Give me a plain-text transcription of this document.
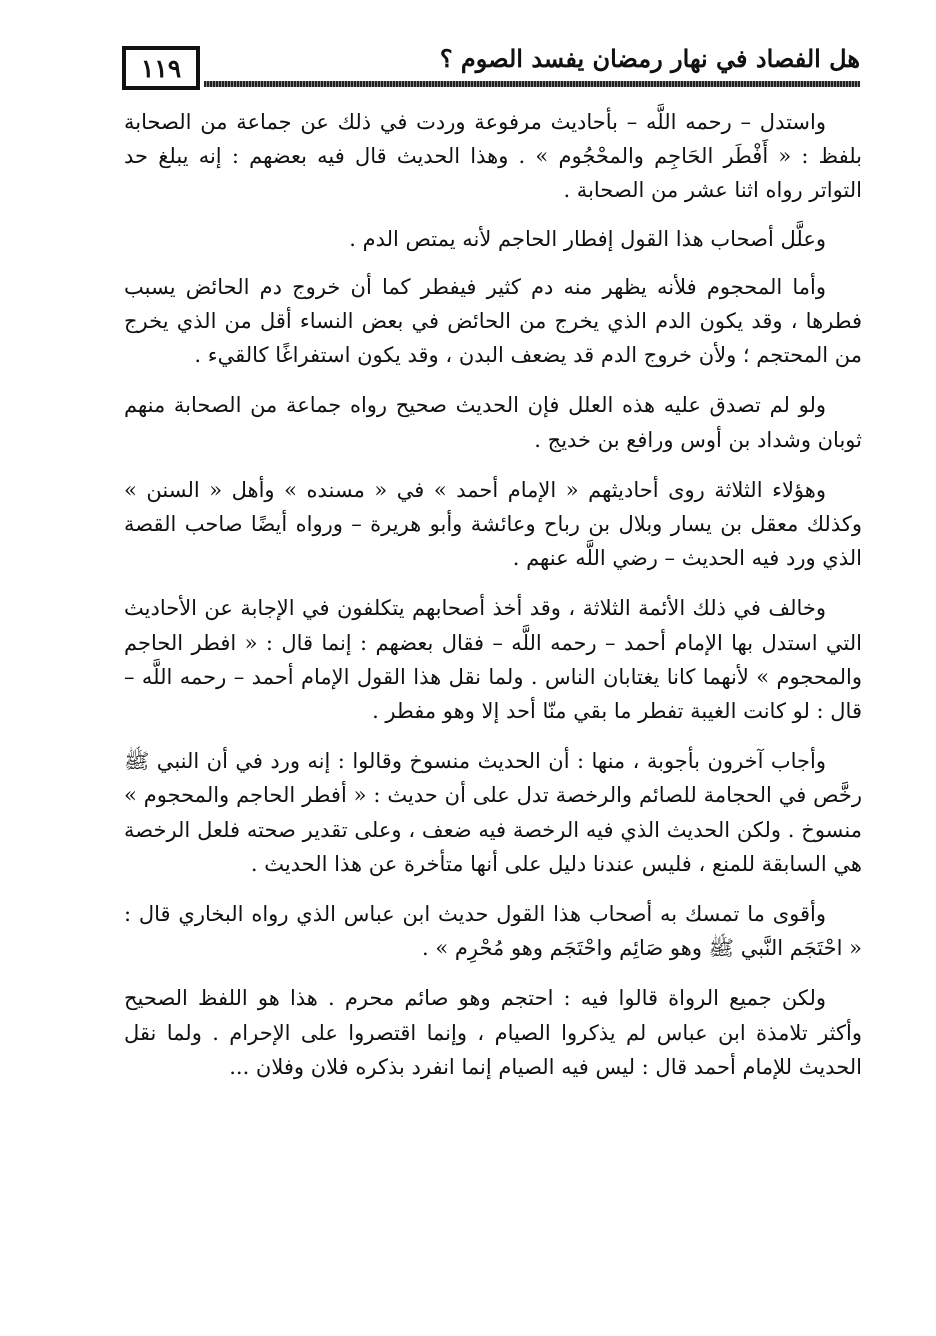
١١٩	هل الفصاد في نهار رمضان يفسد الصوم ؟

واستدل – رحمه اللَّه – بأحاديث مرفوعة وردت في ذلك عن جماعة من الصحابة بلفظ : « أَفْطَر الحَاجِم والمحْجُوم » . وهذا الحديث قال فيه بعضهم : إنه يبلغ حد التواتر رواه اثنا عشر من الصحابة .

وعلَّل أصحاب هذا القول إفطار الحاجم لأنه يمتص الدم .

وأما المحجوم فلأنه يظهر منه دم كثير فيفطر كما أن خروج دم الحائض يسبب فطرها ، وقد يكون الدم الذي يخرج من الحائض في بعض النساء أقل من الذي يخرج من المحتجم ؛ ولأن خروج الدم قد يضعف البدن ، وقد يكون استفراغًا كالقيء .

ولو لم تصدق عليه هذه العلل فإن الحديث صحيح رواه جماعة من الصحابة منهم ثوبان وشداد بن أوس ورافع بن خديج .

وهؤلاء الثلاثة روى أحاديثهم « الإمام أحمد » في « مسنده » وأهل « السنن » وكذلك معقل بن يسار وبلال بن رباح وعائشة وأبو هريرة – ورواه أيضًا صاحب القصة الذي ورد فيه الحديث – رضي اللَّه عنهم .

وخالف في ذلك الأئمة الثلاثة ، وقد أخذ أصحابهم يتكلفون في الإجابة عن الأحاديث التي استدل بها الإمام أحمد – رحمه اللَّه – فقال بعضهم : إنما قال : « افطر الحاجم والمحجوم » لأنهما كانا يغتابان الناس . ولما نقل هذا القول الإمام أحمد – رحمه اللَّه – قال : لو كانت الغيبة تفطر ما بقي منّا أحد إلا وهو مفطر .

وأجاب آخرون بأجوبة ، منها : أن الحديث منسوخ وقالوا : إنه ورد في أن النبي ﷺ رخَّص في الحجامة للصائم والرخصة تدل على أن حديث : « أفطر الحاجم والمحجوم » منسوخ . ولكن الحديث الذي فيه الرخصة فيه ضعف ، وعلى تقدير صحته فلعل الرخصة هي السابقة للمنع ، فليس عندنا دليل على أنها متأخرة عن هذا الحديث .

وأقوى ما تمسك به أصحاب هذا القول حديث ابن عباس الذي رواه البخاري قال : « احْتَجَم النَّبي ﷺ وهو صَائِم واحْتَجَم وهو مُحْرِم » .

ولكن جميع الرواة قالوا فيه : احتجم وهو صائم محرم . هذا هو اللفظ الصحيح وأكثر تلامذة ابن عباس لم يذكروا الصيام ، وإنما اقتصروا على الإحرام . ولما نقل الحديث للإمام أحمد قال : ليس فيه الصيام إنما انفرد بذكره فلان وفلان ...
